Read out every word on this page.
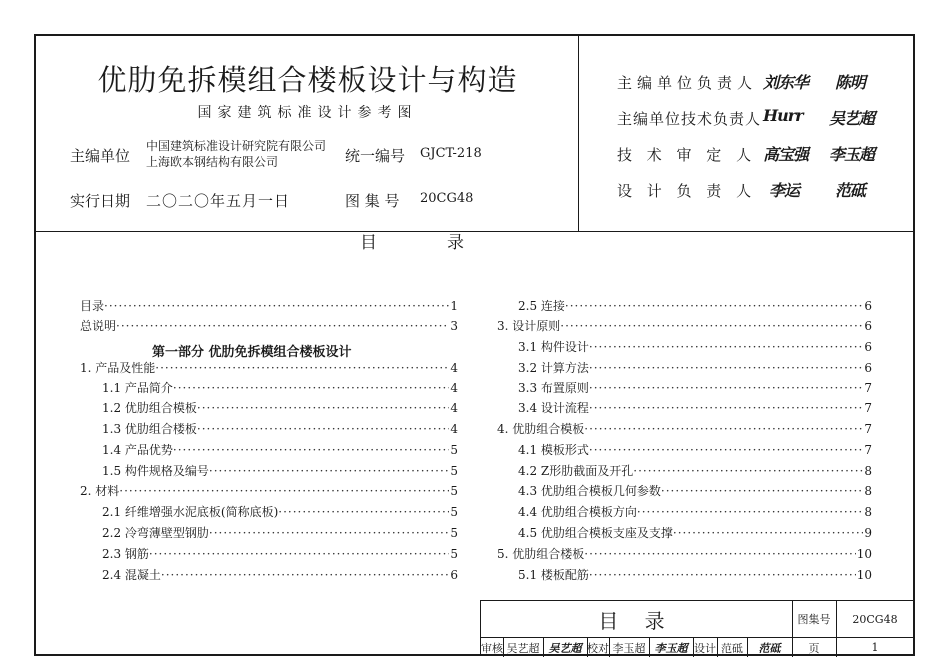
优肋免拆模组合楼板设计与构造
国家建筑标准设计参考图
主编单位
中国建筑标准设计研究院有限公司
上海欧本钢结构有限公司	统一编号 GJCT-218
实行日期 二〇二〇年五月一日	图 集 号 20CG48
主编单位负责人 刘东华 陈明
主编单位技术负责人 Hurr 吴艺超
技 术 审 定 人 高宝强 李玉超
设 计 负 责 人 李运 范砥
目	录
目录 ·····	1
总说明 ·····	3
第一部分 优肋免拆模组合楼板设计
1. 产品及性能 ·····	4
1.1 产品简介 ·····	4
1.2 优肋组合模板 ·····	4
1.3 优肋组合楼板 ·····	4
1.4 产品优势 ·····	5
1.5 构件规格及编号 ·····	5
2. 材料 ·····	5
2.1 纤维增强水泥底板(简称底板) ·····	5
2.2 冷弯薄壁型钢肋 ·····	5
2.3 钢筋 ·····	5
2.4 混凝土 ·····	6
2.5 连接 ·····	6
3. 设计原则 ·····	6
3.1 构件设计 ·····	6
3.2 计算方法 ·····	6
3.3 布置原则 ·····	7
3.4 设计流程 ·····	7
4. 优肋组合模板 ·····	7
4.1 模板形式 ·····	7
4.2 Z形肋截面及开孔 ·····	8
4.3 优肋组合模板几何参数 ·····	8
4.4 优肋组合模板方向 ·····	8
4.5 优肋组合模板支座及支撑 ·····	9
5. 优肋组合楼板 ·····	10
5.1 楼板配筋 ·····	10
目 录	图集号	20CG48
审核 吴艺超 吴艺超 校对 李玉超 李玉超 设计 范砥	范砥	页	1
